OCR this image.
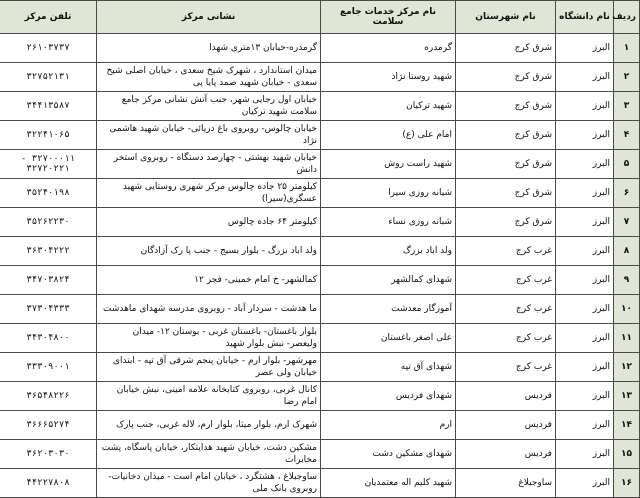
ردیف	نام دانشگاه	نام شهرستان	نام مرکز خدمات جامع سلامت	نشانی مرکز	تلفن مرکز
۱	البرز	شرق کرج	گرمدره	گرمدره-خیابان ۱۳متری شهدا	۲۶۱۰۳۷۳۷
۲	البرز	شرق کرج	شهید روستا نژاد	میدان استاندارد ، شهرک شیخ سعدی ، خیابان اصلی شیخ سعدی - خیابان شهید صمد پایا پی	۳۲۷۵۲۱۳۱
۳	البرز	شرق کرج	شهید ترکیان	خیابان اول رجایی شهر، جنب آتش نشانی مرکز جامع سلامت شهید ترکیان	۳۴۴۱۳۵۸۷
۴	البرز	شرق کرج	امام علی (ع)	خیابان چالوس- روبروی باغ دریائی- خیابان شهید هاشمی نژاد	۳۲۲۴۱۰۶۵
۵	البرز	شرق کرج	شهید راست روش	خیابان شهید بهشتی - چهارصد دستگاه - روبروی استخر دانش	۳۲۷۰۰۰۱۱ - ۳۲۷۲۰۲۲۱
۶	البرز	شرق کرج	شیانه روزی سیرا	کیلومتر ۲۵ جاده چالوس مرکز شهری روستایی شهید عسگری(سیرا)	۳۵۲۴۰۱۹۸
۷	البرز	شرق کرج	شبانه روزی نساء	کیلومتر ۶۴ جاده چالوس	۳۵۲۶۲۲۳۰
۸	البرز	غرب کرج	ولد اباد بزرگ	ولد اباد بزرگ - بلوار بسیج - جنب پا رک آزادگان	۳۶۳۰۴۲۲۲
۹	البرز	غرب کرج	شهدای کمالشهر	کمالشهر- خ امام خمینی- فجر ۱۲	۳۴۷۰۳۸۲۴
۱۰	البرز	غرب کرج	آموزگار معدشت	ما هدشت - سردار آباد - روبروی مدرسه شهدای ماهدشت	۳۷۳۰۴۳۳۳
۱۱	البرز	غرب کرج	علی اصغر باغستان	بلوار باغستان- باغستان غربی - بوستان ۱۲- میدان ولیعصر- نبش بلوار شهید	۳۴۳۰۴۸۰۰
۱۲	البرز	غرب کرج	شهدای آق تپه	مهرشهر- بلوار ارم - خیابان پنجم شرقی آق تپه - ابتدای خیابان ولی عصر	۳۳۳۰۹۰۰۱
۱۳	البرز	فردیس	شهدای فردیس	کانال غربی، روبروی کتابخانه علامه امینی، نبش خیابان امام رضا	۳۶۵۴۸۲۲۶
۱۴	البرز	فردیس	ارم	شهرک ارم، بلوار میثا، بلوار ارم، لاله غربی، جنب پارک	۳۶۶۶۵۲۷۴
۱۵	البرز	فردیس	شهدای مشکین دشت	مشکین دشت، خیابان شهید هدایتکار، خیابان پاسگاه، پشت مخابرات	۳۶۲۰۳۰۳۰
۱۶	البرز	ساوجبلاغ	شهید کلیم اله معتمدیان	ساوجبلاغ ، هشتگرد ، خیابان امام است - میدان دخانیات-روبروی بانک ملی	۴۴۲۲۷۸۰۸
